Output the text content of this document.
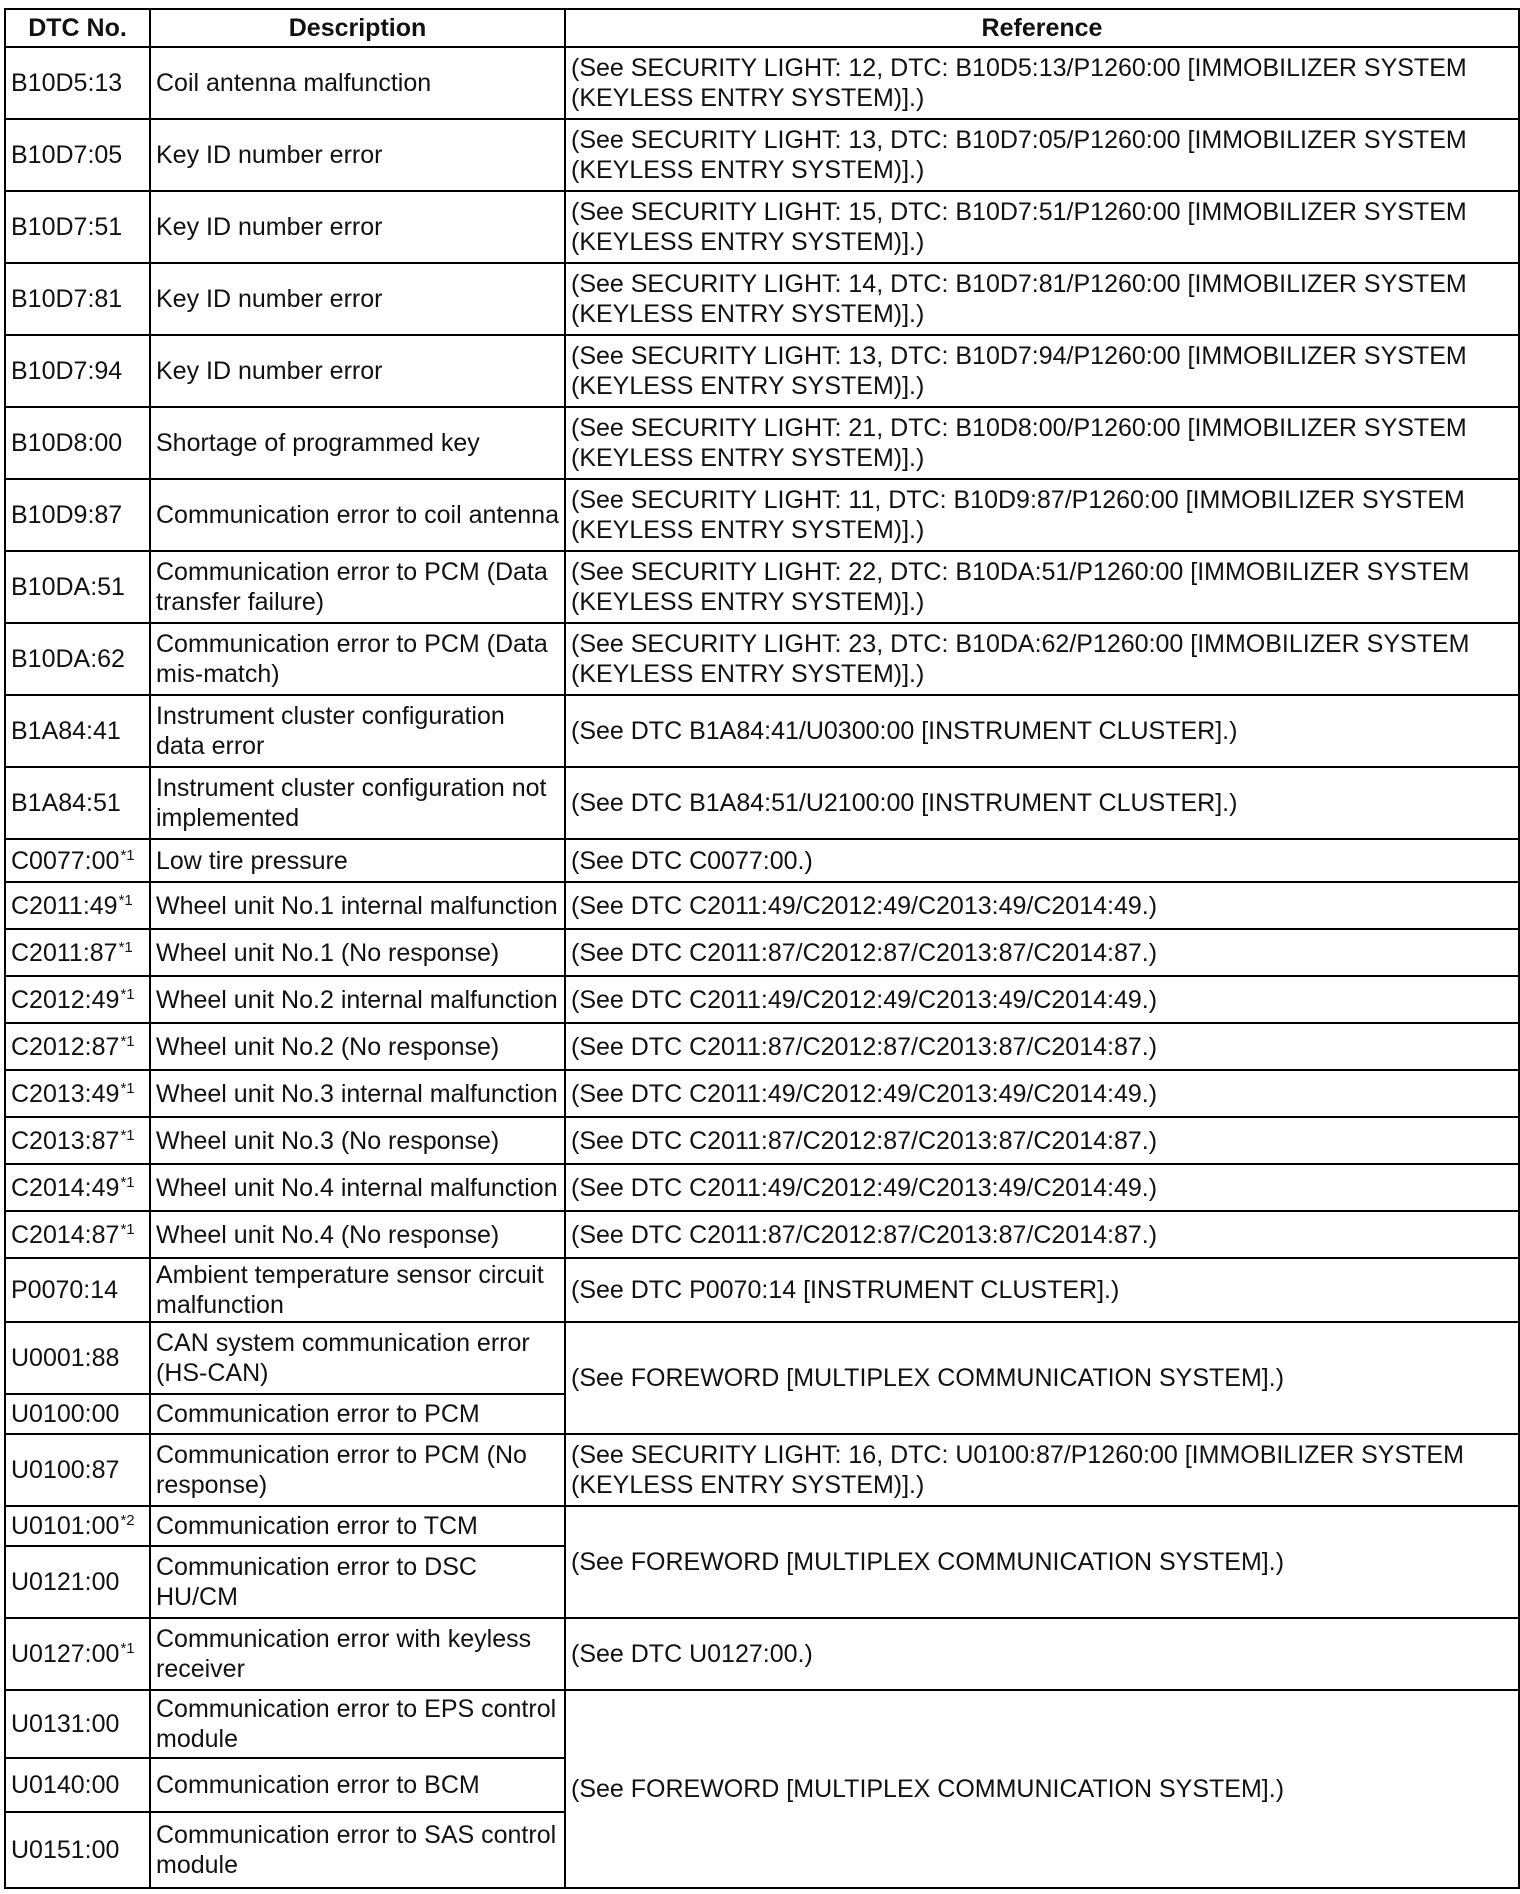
DTC No.	Description	Reference
B10D5:13	Coil antenna malfunction	(See SECURITY LIGHT: 12, DTC: B10D5:13/P1260:00 [IMMOBILIZER SYSTEM (KEYLESS ENTRY SYSTEM)].)
B10D7:05	Key ID number error	(See SECURITY LIGHT: 13, DTC: B10D7:05/P1260:00 [IMMOBILIZER SYSTEM (KEYLESS ENTRY SYSTEM)].)
B10D7:51	Key ID number error	(See SECURITY LIGHT: 15, DTC: B10D7:51/P1260:00 [IMMOBILIZER SYSTEM (KEYLESS ENTRY SYSTEM)].)
B10D7:81	Key ID number error	(See SECURITY LIGHT: 14, DTC: B10D7:81/P1260:00 [IMMOBILIZER SYSTEM (KEYLESS ENTRY SYSTEM)].)
B10D7:94	Key ID number error	(See SECURITY LIGHT: 13, DTC: B10D7:94/P1260:00 [IMMOBILIZER SYSTEM (KEYLESS ENTRY SYSTEM)].)
B10D8:00	Shortage of programmed key	(See SECURITY LIGHT: 21, DTC: B10D8:00/P1260:00 [IMMOBILIZER SYSTEM (KEYLESS ENTRY SYSTEM)].)
B10D9:87	Communication error to coil antenna	(See SECURITY LIGHT: 11, DTC: B10D9:87/P1260:00 [IMMOBILIZER SYSTEM (KEYLESS ENTRY SYSTEM)].)
B10DA:51	Communication error to PCM (Data transfer failure)	(See SECURITY LIGHT: 22, DTC: B10DA:51/P1260:00 [IMMOBILIZER SYSTEM (KEYLESS ENTRY SYSTEM)].)
B10DA:62	Communication error to PCM (Data mis-match)	(See SECURITY LIGHT: 23, DTC: B10DA:62/P1260:00 [IMMOBILIZER SYSTEM (KEYLESS ENTRY SYSTEM)].)
B1A84:41	Instrument cluster configuration data error	(See DTC B1A84:41/U0300:00 [INSTRUMENT CLUSTER].)
B1A84:51	Instrument cluster configuration not implemented	(See DTC B1A84:51/U2100:00 [INSTRUMENT CLUSTER].)
C0077:00$^{*1}$	Low tire pressure	(See DTC C0077:00.)
C2011:49$^{*1}$	Wheel unit No.1 internal malfunction	(See DTC C2011:49/C2012:49/C2013:49/C2014:49.)
C2011:87$^{*1}$	Wheel unit No.1 (No response)	(See DTC C2011:87/C2012:87/C2013:87/C2014:87.)
C2012:49$^{*1}$	Wheel unit No.2 internal malfunction	(See DTC C2011:49/C2012:49/C2013:49/C2014:49.)
C2012:87$^{*1}$	Wheel unit No.2 (No response)	(See DTC C2011:87/C2012:87/C2013:87/C2014:87.)
C2013:49$^{*1}$	Wheel unit No.3 internal malfunction	(See DTC C2011:49/C2012:49/C2013:49/C2014:49.)
C2013:87$^{*1}$	Wheel unit No.3 (No response)	(See DTC C2011:87/C2012:87/C2013:87/C2014:87.)
C2014:49$^{*1}$	Wheel unit No.4 internal malfunction	(See DTC C2011:49/C2012:49/C2013:49/C2014:49.)
C2014:87$^{*1}$	Wheel unit No.4 (No response)	(See DTC C2011:87/C2012:87/C2013:87/C2014:87.)
P0070:14	Ambient temperature sensor circuit malfunction	(See DTC P0070:14 [INSTRUMENT CLUSTER].)
U0001:88	CAN system communication error (HS-CAN)	(See FOREWORD [MULTIPLEX COMMUNICATION SYSTEM].)
U0100:00	Communication error to PCM	
U0100:87	Communication error to PCM (No response)	(See SECURITY LIGHT: 16, DTC: U0100:87/P1260:00 [IMMOBILIZER SYSTEM (KEYLESS ENTRY SYSTEM)].)
U0101:00$^{*2}$	Communication error to TCM	(See FOREWORD [MULTIPLEX COMMUNICATION SYSTEM].)
U0121:00	Communication error to DSC HU/CM	
U0127:00$^{*1}$	Communication error with keyless receiver	(See DTC U0127:00.)
U0131:00	Communication error to EPS control module	(See FOREWORD [MULTIPLEX COMMUNICATION SYSTEM].)
U0140:00	Communication error to BCM	
U0151:00	Communication error to SAS control module	
